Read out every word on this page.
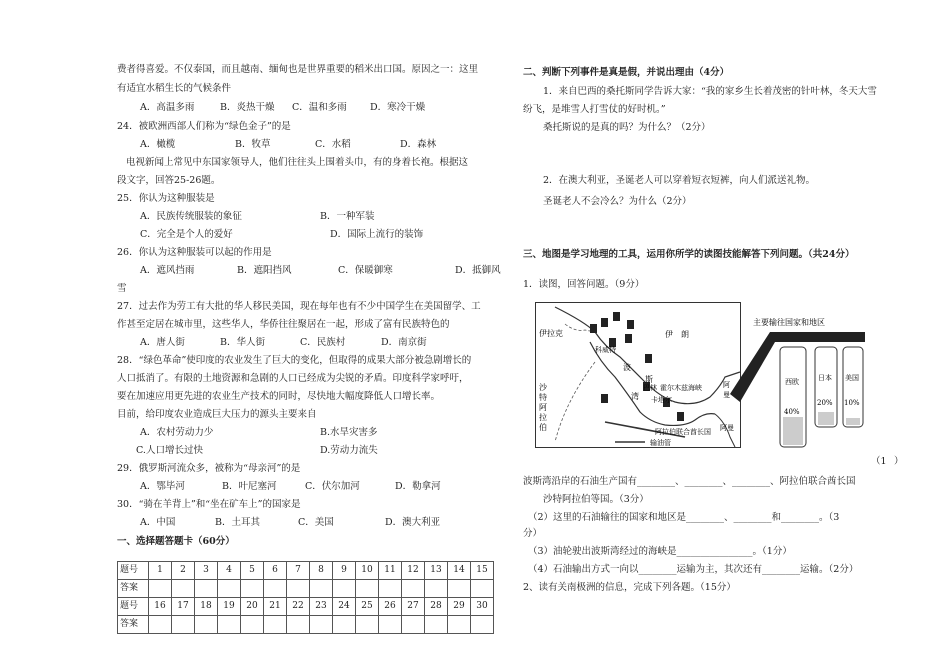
费者得喜爱。不仅泰国，而且越南、缅甸也是世界重要的稻米出口国。原因之一：这里
有适宜水稻生长的气候条件
A．高温多雨	B．炎热干燥 C．温和多雨 D．寒冷干燥
24．被欧洲西部人们称为“绿色金子”的是
A．橄榄	B．牧草	C．水稻	D．森林
电视新闻上常见中东国家领导人，他们往往头上围着头巾，有的身着长袍。根据这
段文字，回答25-26题。
25．你认为这种服装是
A．民族传统服装的象征	B．一种军装
C．完全是个人的爱好	D．国际上流行的装饰
26．你认为这种服装可以起的作用是
A．遮风挡雨	B．遮阳挡风	C．保暖御寒	D．抵御风
雪
27．过去作为劳工有大批的华人移民美国，现在每年也有不少中国学生在美国留学、工
作甚至定居在城市里，这些华人，华侨往往聚居在一起，形成了富有民族特色的
A．唐人街	B．华人街	C．民族村	D．南京街
28．“绿色革命”使印度的农业发生了巨大的变化，但取得的成果大部分被急剧增长的
人口抵消了。有限的土地资源和急剧的人口已经成为尖锐的矛盾。印度科学家呼吁，
要在加速应用更先进的农业生产技术的同时，尽快地大幅度降低人口增长率。
目前，给印度农业造成巨大压力的源头主要来自
A．农村劳动力少	B.水旱灾害多
C.人口增长过快	D.劳动力流失
29．俄罗斯河流众多，被称为“母亲河”的是
A．鄂毕河	B．叶尼塞河	C．伏尔加河	D．勒拿河
30．“骑在羊背上”和“坐在矿车上”的国家是
A．中国	B．土耳其	C．美国	D．澳大利亚
一、选择题答题卡（60分）
题号	1	2	3	4	5	6	7	8	9	10	11	12	13	14	15
答案															
题号	16	17	18	19	20	21	22	23	24	25	26	27	28	29	30
答案															
二、判断下列事件是真是假，并说出理由（4分）
1．来自巴西的桑托斯同学告诉大家：“我的家乡生长着茂密的针叶林，冬天大雪
纷飞，是堆雪人打雪仗的好时机。”
桑托斯说的是真的吗？为什么？（2分）
2．在澳大利亚，圣诞老人可以穿着短衣短裤，向人们派送礼物。
圣诞老人不会冷么？为什么（2分）
三、地图是学习地理的工具，运用你所学的读图技能解答下列问题。（共24分）
1．读图，回答问题。（9分）
伊拉克	伊　朗
科威特
波
斯
湾
巴林
卡塔尔
霍尔木兹海峡	阿
曼
阿拉伯联合酋长国
沙
特
阿
拉
伯	阿曼
输油管
主要输往国家和地区
西欧
40%
日本
20%
美国
10%
（1 ）
波斯湾沿岸的石油生产国有________、________、________、阿拉伯联合酋长国
沙特阿拉伯等国。（3分）
（2）这里的石油输往的国家和地区是________、________和________。（3
分）
（3）油轮驶出波斯湾经过的海峡是________________。（1分）
（4）石油输出方式一向以________运输为主，其次还有________运输。（2分）
2、读有关南极洲的信息，完成下列各题。（15分）
